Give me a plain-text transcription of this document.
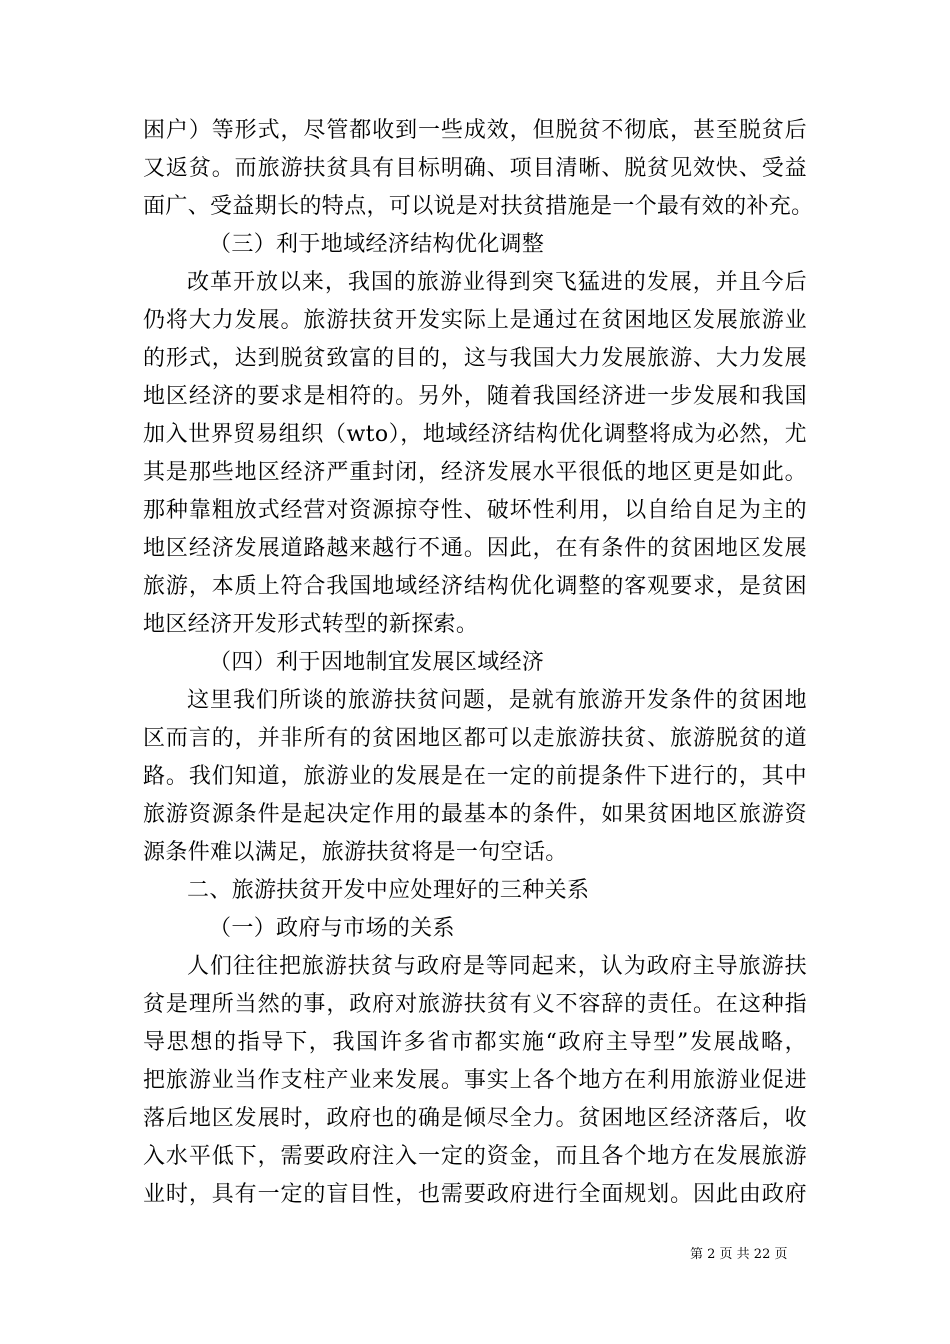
困户）等形式，尽管都收到一些成效，但脱贫不彻底，甚至脱贫后
又返贫。而旅游扶贫具有目标明确、项目清晰、脱贫见效快、受益
面广、受益期长的特点，可以说是对扶贫措施是一个最有效的补充。
（三）利于地域经济结构优化调整
改革开放以来，我国的旅游业得到突飞猛进的发展，并且今后
仍将大力发展。旅游扶贫开发实际上是通过在贫困地区发展旅游业
的形式，达到脱贫致富的目的，这与我国大力发展旅游、大力发展
地区经济的要求是相符的。另外，随着我国经济进一步发展和我国
加入世界贸易组织（wto），地域经济结构优化调整将成为必然，尤
其是那些地区经济严重封闭，经济发展水平很低的地区更是如此。
那种靠粗放式经营对资源掠夺性、破坏性利用，以自给自足为主的
地区经济发展道路越来越行不通。因此，在有条件的贫困地区发展
旅游，本质上符合我国地域经济结构优化调整的客观要求，是贫困
地区经济开发形式转型的新探索。
（四）利于因地制宜发展区域经济
这里我们所谈的旅游扶贫问题，是就有旅游开发条件的贫困地
区而言的，并非所有的贫困地区都可以走旅游扶贫、旅游脱贫的道
路。我们知道，旅游业的发展是在一定的前提条件下进行的，其中
旅游资源条件是起决定作用的最基本的条件，如果贫困地区旅游资
源条件难以满足，旅游扶贫将是一句空话。
二、旅游扶贫开发中应处理好的三种关系
（一）政府与市场的关系
人们往往把旅游扶贫与政府是等同起来，认为政府主导旅游扶
贫是理所当然的事，政府对旅游扶贫有义不容辞的责任。在这种指
导思想的指导下，我国许多省市都实施“政府主导型”发展战略，
把旅游业当作支柱产业来发展。事实上各个地方在利用旅游业促进
落后地区发展时，政府也的确是倾尽全力。贫困地区经济落后，收
入水平低下，需要政府注入一定的资金，而且各个地方在发展旅游
业时，具有一定的盲目性，也需要政府进行全面规划。因此由政府
第 2 页 共 22 页
